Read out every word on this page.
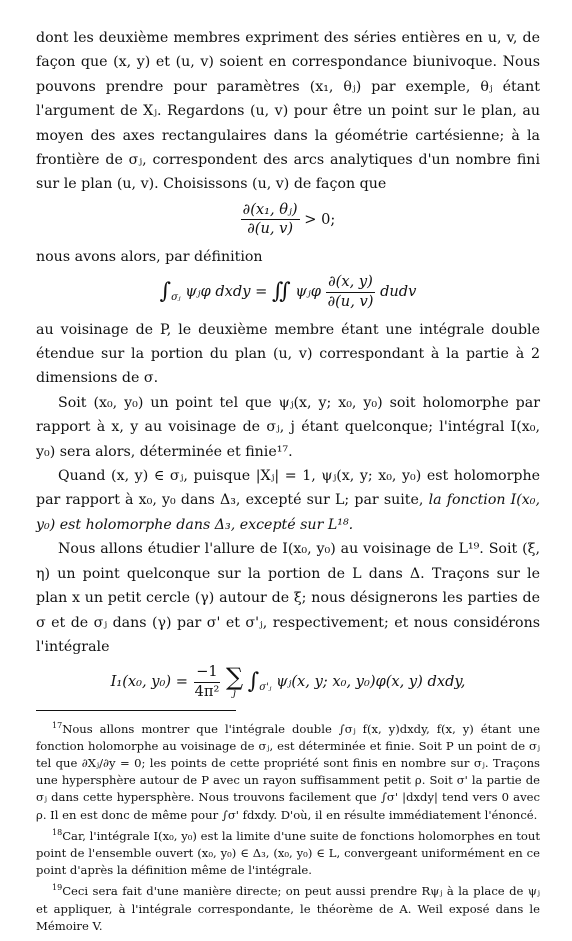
dont les deuxième membres expriment des séries entières en u, v, de façon que (x, y) et (u, v) soient en correspondance biunivoque. Nous pouvons prendre pour paramètres (x₁, θⱼ) par exemple, θⱼ étant l'argument de Xⱼ. Regardons (u, v) pour être un point sur le plan, au moyen des axes rectangulaires dans la géométrie cartésienne; à la frontière de σⱼ, correspondent des arcs analytiques d'un nombre fini sur le plan (u, v). Choisissons (u, v) de façon que

$\frac{\text{∂(x₁, θⱼ)}}{\partial(u, v)} > 0$;

nous avons alors, par définition

$\int_{\sigma ⱼ}$ ψⱼφ dxdy = ∬ ψⱼφ $\frac{\partial(x, y)}{\partial(u, v)}$ dudv

au voisinage de P, le deuxième membre étant une intégrale double étendue sur la portion du plan (u, v) correspondant à la partie à 2 dimensions de σ.

Soit (x₀, y₀) un point tel que ψⱼ(x, y; x₀, y₀) soit holomorphe par rapport à x, y au voisinage de σⱼ, j étant quelconque; l'intégral I(x₀, y₀) sera alors, déterminée et finie¹⁷.

Quand (x, y) ∈ σⱼ, puisque |Xⱼ| = 1, ψⱼ(x, y; x₀, y₀) est holomorphe par rapport à x₀, y₀ dans Δ₃, excepté sur L; par suite, la fonction I(x₀, y₀) est holomorphe dans Δ₃, excepté sur L¹⁸.

Nous allons étudier l'allure de I(x₀, y₀) au voisinage de L¹⁹. Soit (ξ, η) un point quelconque sur la portion de L dans Δ. Traçons sur le plan x un petit cercle (γ) autour de ξ; nous désignerons les parties de σ et de σⱼ dans (γ) par σ' et σ'ⱼ, respectivement; et nous considérons l'intégrale

I₁(x₀, $y_0) = \frac{-1}{\text{4π²}}$
∑
j $\int_{\sigma'ⱼ}$ ψⱼ(x, y; x₀, y₀)φ(x, y) dxdy,

$^{17}$Nous allons montrer que l'intégrale double ∫σⱼ f(x, y)dxdy, f(x, y) étant une fonction holomorphe au voisinage de σⱼ, est déterminée et finie. Soit P un point de σⱼ tel que ∂Xⱼ/∂y = 0; les points de cette propriété sont finis en nombre sur σⱼ. Traçons une hypersphère autour de P avec un rayon suffisamment petit ρ. Soit σ' la partie de σⱼ dans cette hypersphère. Nous trouvons facilement que ∫σ' |dxdy| tend vers 0 avec ρ. Il en est donc de même pour ∫σ' fdxdy. D'où, il en résulte immédiatement l'énoncé.

$^{18}$Car, l'intégrale I(x₀, y₀) est la limite d'une suite de fonctions holomorphes en tout point de l'ensemble ouvert (x₀, y₀) ∈ Δ₃, (x₀, y₀) ∈ L, convergeant uniformément en ce point d'après la définition même de l'intégrale.

$^{19}$Ceci sera fait d'une manière directe; on peut aussi prendre Rψⱼ à la place de ψⱼ et appliquer, à l'intégrale correspondante, le théorème de A. Weil exposé dans le Mémoire V.
